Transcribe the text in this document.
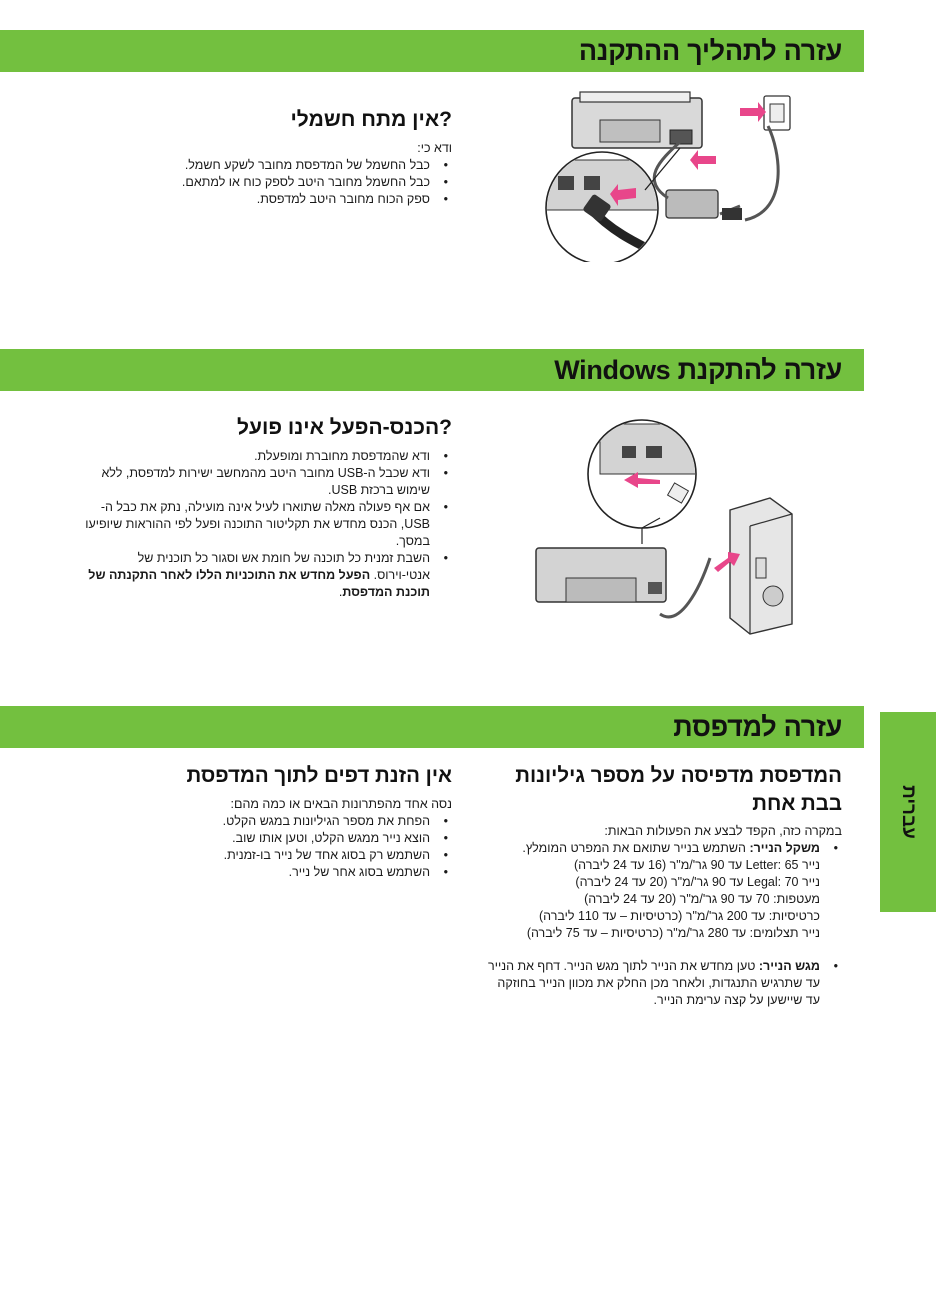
עזרה לתהליך ההתקנה
?אין מתח חשמלי

ודא כי:

• כבל החשמל של המדפסת מחובר לשקע חשמל.
• כבל החשמל מחובר היטב לספק כוח או למתאם.
• ספק הכוח מחובר היטב למדפסת.
עזרה להתקנת Windows
?הכנס-הפעל אינו פועל
• ודא שהמדפסת מחוברת ומופעלת.
• ודא שכבל ה-USB מחובר היטב מהמחשב ישירות למדפסת, ללא שימוש ברכזת USB.
• אם אף פעולה מאלה שתוארו לעיל אינה מועילה, נתק את כבל ה-USB, הכנס מחדש את תקליטור התוכנה ופעל לפי ההוראות שיופיעו במסך.
• השבת זמנית כל תוכנה של חומת אש וסגור כל תוכנית של אנטי-וירוס. הפעל מחדש את התוכניות הללו לאחר התקנתה של תוכנת המדפסת.
עזרה למדפסת
המדפסת מדפיסה על מספר גיליונות בבת אחת

במקרה כזה, הקפד לבצע את הפעולות הבאות:

• משקל הנייר: השתמש בנייר שתואם את המפרט המומלץ.
נייר Letter: 65 עד 90 גר'/מ"ר (16 עד 24 ליברה)
נייר Legal: 70 עד 90 גר'/מ"ר (20 עד 24 ליברה)
מעטפות: 70 עד 90 גר'/מ"ר (20 עד 24 ליברה)
כרטיסיות: עד 200 גר'/מ"ר (כרטיסיות – עד 110 ליברה)
נייר תצלומים: עד 280 גר'/מ"ר (כרטיסיות – עד 75 ליברה)
• מגש הנייר: טען מחדש את הנייר לתוך מגש הנייר. דחף את הנייר עד שתרגיש התנגדות, ולאחר מכן החלק את מכוון הנייר בחוזקה עד שיישען על קצה ערימת הנייר.
אין הזנת דפים לתוך המדפסת

נסה אחד מהפתרונות הבאים או כמה מהם:

• הפחת את מספר הגיליונות במגש הקלט.
• הוצא נייר ממגש הקלט, וטען אותו שוב.
• השתמש רק בסוג אחד של נייר בו-זמנית.
• השתמש בסוג אחר של נייר.
עברית
